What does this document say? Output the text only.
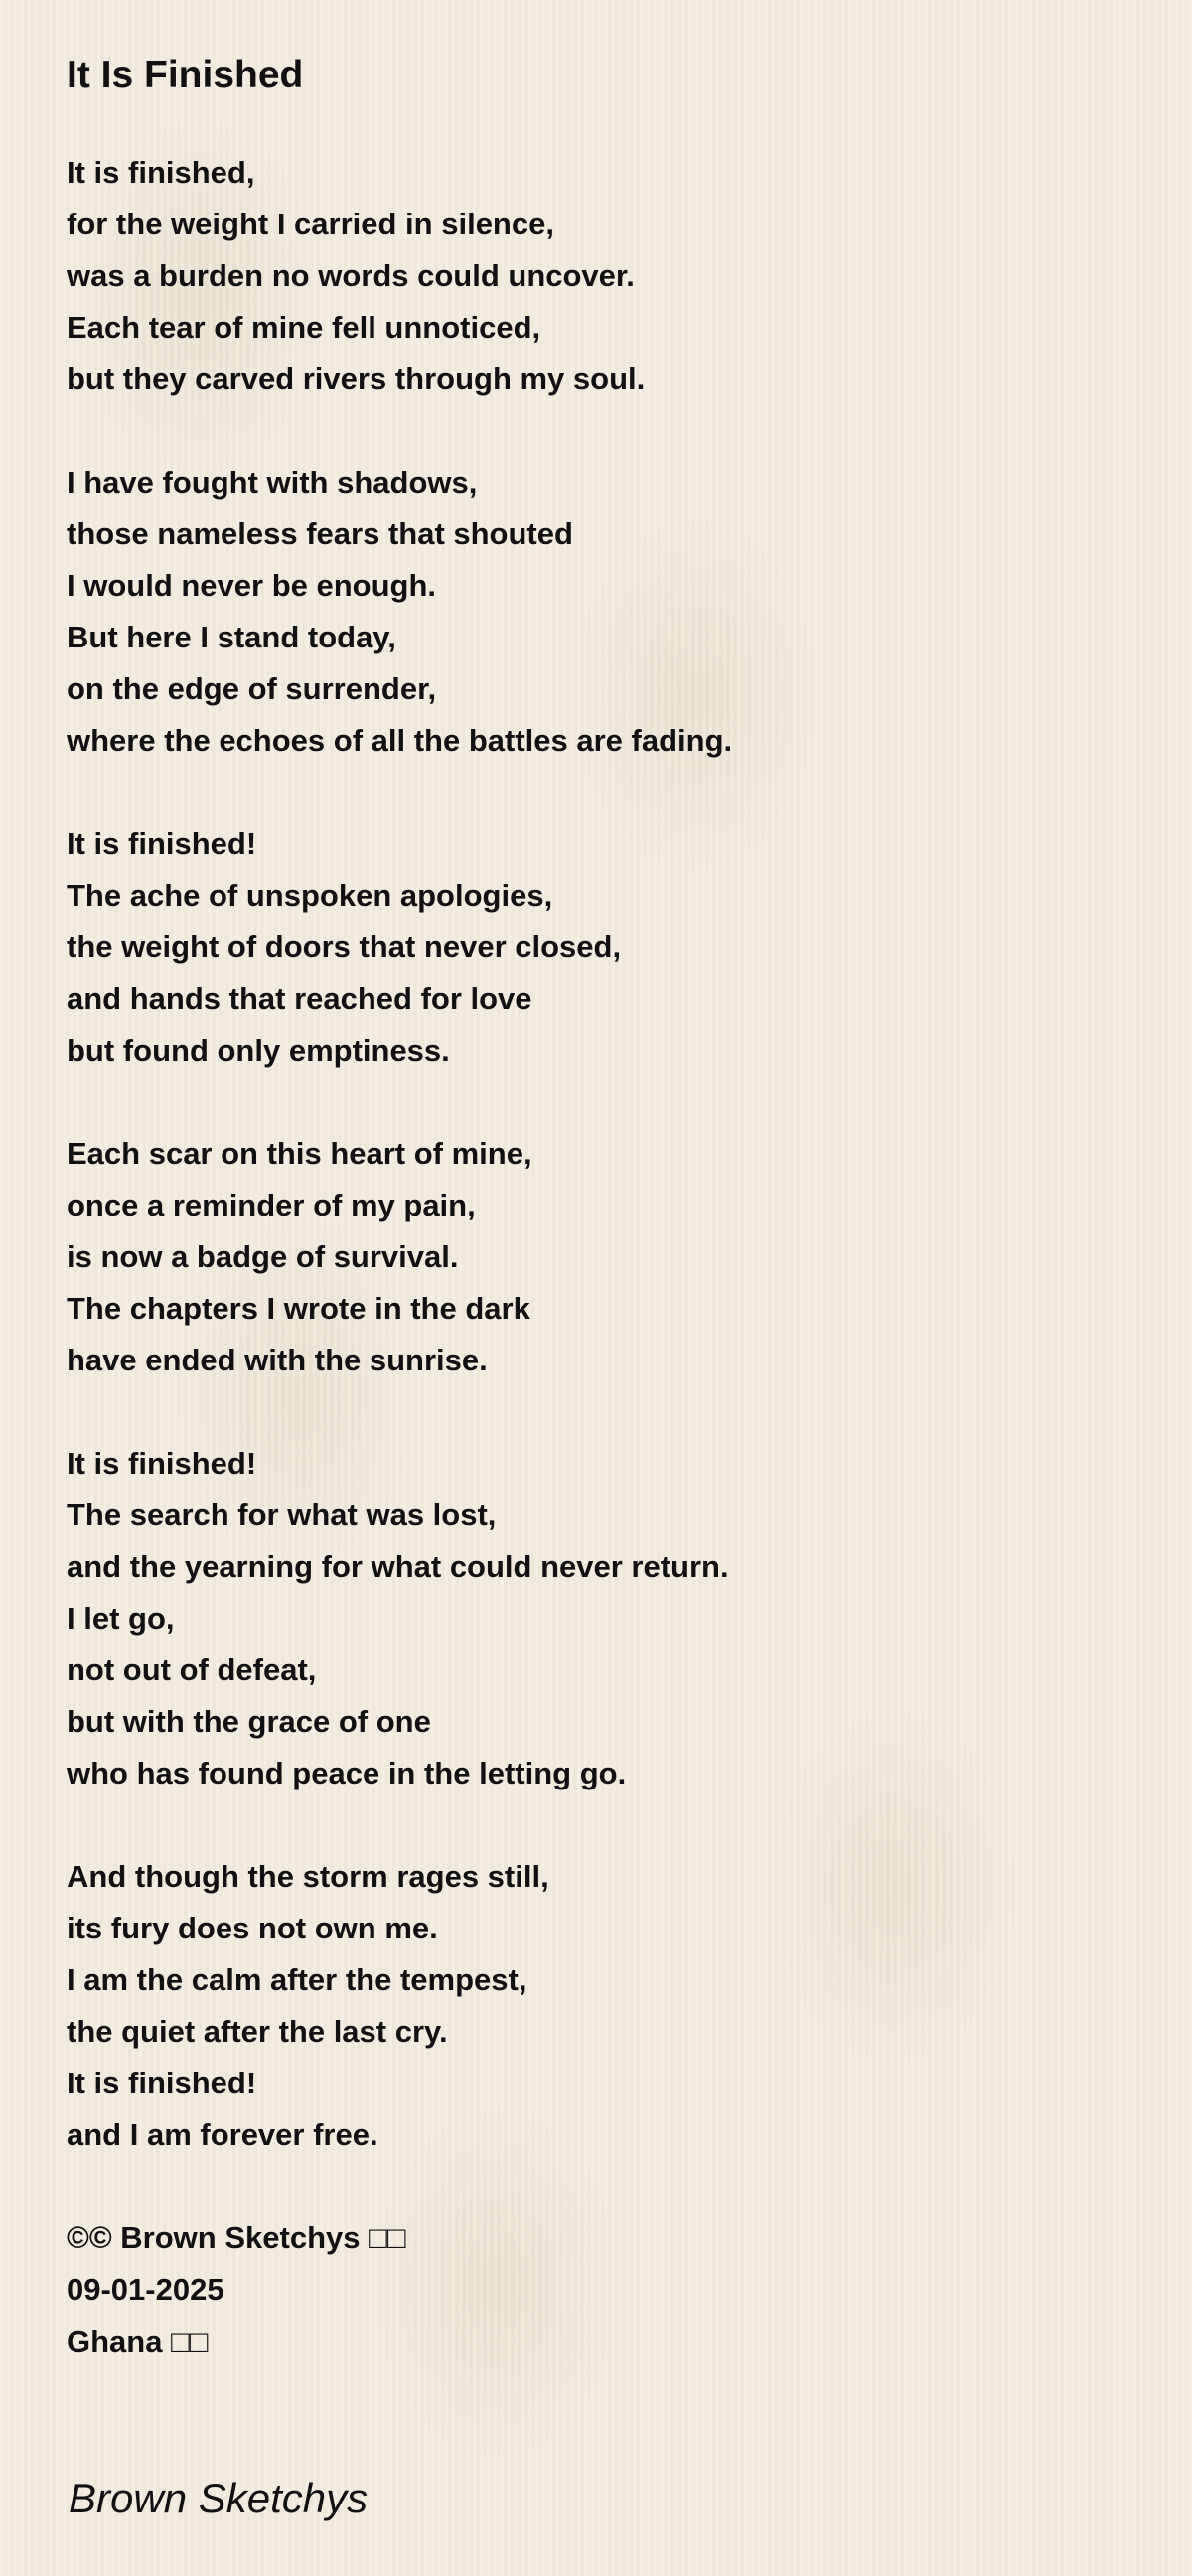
It Is Finished
It is finished,
for the weight I carried in silence,
was a burden no words could uncover.
Each tear of mine fell unnoticed,
but they carved rivers through my soul.
I have fought with shadows,
those nameless fears that shouted
I would never be enough.
But here I stand today,
on the edge of surrender,
where the echoes of all the battles are fading.
It is finished!
The ache of unspoken apologies,
the weight of doors that never closed,
and hands that reached for love
but found only emptiness.
Each scar on this heart of mine,
once a reminder of my pain,
is now a badge of survival.
The chapters I wrote in the dark
have ended with the sunrise.
It is finished!
The search for what was lost,
and the yearning for what could never return.
I let go,
not out of defeat,
but with the grace of one
who has found peace in the letting go.
And though the storm rages still,
its fury does not own me.
I am the calm after the tempest,
the quiet after the last cry.
It is finished!
and I am forever free.
©© Brown Sketchys □□
09-01-2025
Ghana □□
Brown Sketchys
